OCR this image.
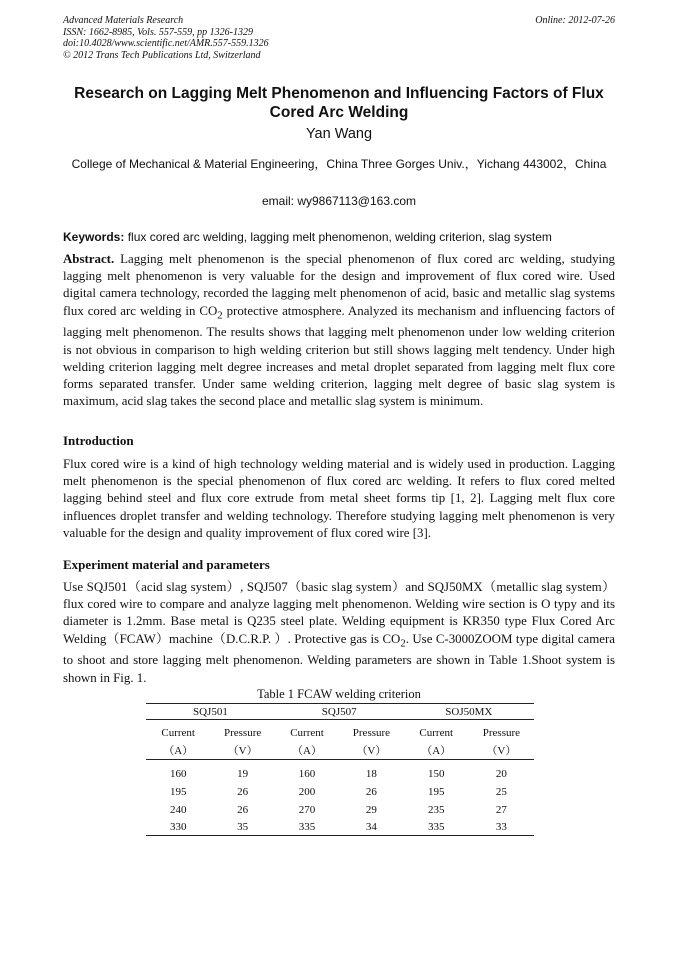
Advanced Materials Research
ISSN: 1662-8985, Vols. 557-559, pp 1326-1329
doi:10.4028/www.scientific.net/AMR.557-559.1326
© 2012 Trans Tech Publications Ltd, Switzerland
Online: 2012-07-26
Research on Lagging Melt Phenomenon and Influencing Factors of Flux Cored Arc Welding
Yan Wang
College of Mechanical & Material Engineering，China Three Gorges Univ.，Yichang 443002，China
email: wy9867113@163.com
Keywords: flux cored arc welding, lagging melt phenomenon, welding criterion, slag system

Abstract. Lagging melt phenomenon is the special phenomenon of flux cored arc welding, studying lagging melt phenomenon is very valuable for the design and improvement of flux cored wire. Used digital camera technology, recorded the lagging melt phenomenon of acid, basic and metallic slag systems flux cored arc welding in $CO_2$ protective atmosphere. Analyzed its mechanism and influencing factors of lagging melt phenomenon. The results shows that lagging melt phenomenon under low welding criterion is not obvious in comparison to high welding criterion but still shows lagging melt tendency. Under high welding criterion lagging melt degree increases and metal droplet separated from lagging melt flux core forms separated transfer. Under same welding criterion, lagging melt degree of basic slag system is maximum, acid slag takes the second place and metallic slag system is minimum.

Introduction

Flux cored wire is a kind of high technology welding material and is widely used in production. Lagging melt phenomenon is the special phenomenon of flux cored arc welding. It refers to flux cored melted lagging behind steel and flux core extrude from metal sheet forms tip [1, 2]. Lagging melt flux core influences droplet transfer and welding technology. Therefore studying lagging melt phenomenon is very valuable for the design and quality improvement of flux cored wire [3].

Experiment material and parameters

Use SQJ501（acid slag system）, SQJ507（basic slag system）and SQJ50MX（metallic slag system）flux cored wire to compare and analyze lagging melt phenomenon. Welding wire section is O typy and its diameter is 1.2mm. Base metal is Q235 steel plate. Welding equipment is KR350 type Flux Cored Arc Welding（FCAW）machine（D.C.R.P. ）. Protective gas is $CO_2$. Use C-3000ZOOM type digital camera to shoot and store lagging melt phenomenon. Welding parameters are shown in Table 1.Shoot system is shown in Fig. 1.

Table 1 FCAW welding criterion
SQJ501		SQJ507		SOJ50MX	
Current	Pressure	Current	Pressure	Current	Pressure
（A）	（V）	（A）	（V）	（A）	（V）
160	19	160	18	150	20
195	26	200	26	195	25
240	26	270	29	235	27
330	35	335	34	335	33
